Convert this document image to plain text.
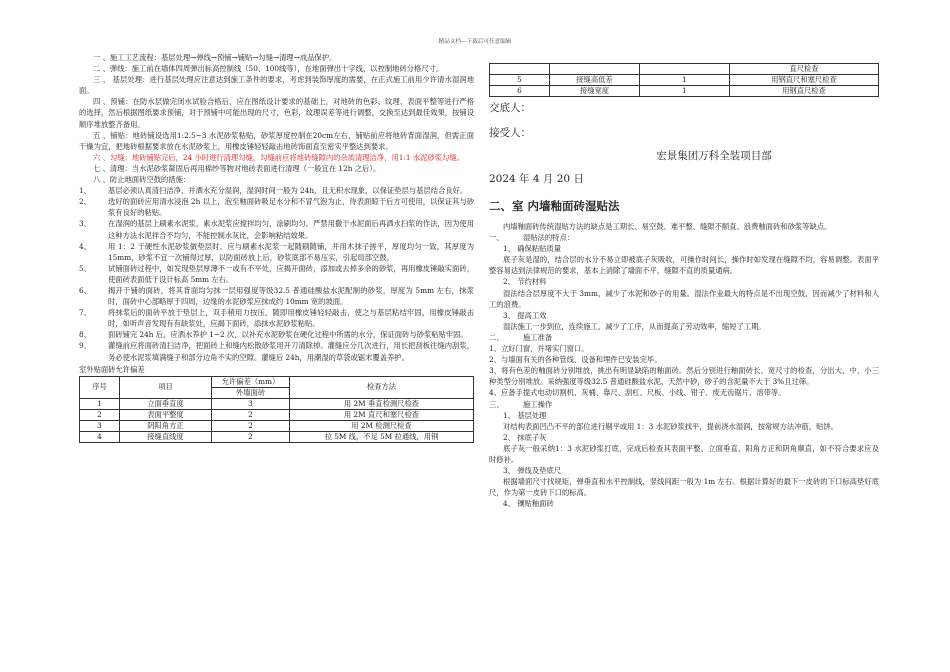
精品文档---下载后可任意编辑

一 、施工工艺流程：基层处理→弹线→预铺→铺贴→勾缝→清理→成品保护。

二 、弹线：施工前在墙体四周弹出标高控制线（50、100线等），在地面弹出十字线，以控制地砖分格尺寸。

三 、 基层处理：进行基层处理应注意达到施工条件的要求，考虑到装饰厚度的需要，在正式施工前用少许清水湿润地面。

四 、预铺：在防水层做完闭水试验合格后，应在图纸设计要求的基础上，对地砖的色彩、纹理、表面平整等进行严格的选择，然后根据图纸要求预铺，对于预铺中可能出现的尺寸，色彩，纹理误差等进行调整，交换至达到最佳效果，按铺设顺序堆放整齐备用。

五 、铺贴：地砖铺设选用1:2.5~3 水泥砂浆粘贴，砂浆厚度控制在20cm左右，铺贴前应将地砖背面湿润，但需正面干燥为宜，把地砖根据要求放在水泥砂浆上，用橡皮锤轻轻敲击地砖饰面直至密实平整达到要求。

六 、勾缝：地砖铺贴完后，24 小时进行清理勾缝，勾缝前应将地砖缝隙内的杂质清理洁净，用1:1 水泥砂浆勾缝。

七 、清理：当水泥砂浆凝固后再用棉纱等物对地砖表面进行清理（一般宜在 12h 之后）。

八 、防止地面砖空鼓的措施：

1、	基层必须认真清扫洁净，并洒水充分湿润，湿润时间一般为 24h，且无积水现象，以保证垫层与基层结合良好。
2、	选好的面砖应用清水浸泡 2h 以上，泡至釉面砖吸足水分和不冒气泡为止，待表面晾干后方可使用，以保证其与砂浆有良好的粘贴。
3、	在湿润的基层上刷素水泥浆，素水泥浆应搅拌均匀，涂刷均匀。严禁用撒干水泥面后再洒水扫浆的作法，因为使用这种方法水泥拌合不均匀，不能控制水灰比，会影响粘结效果。
4、	用 1：2 干硬性水泥砂浆做垫层时，应与刷素水泥浆一起随刷随铺，并用木抹子搓平，厚度均匀一致，其厚度为 15mm，砂浆不宜一次铺得过厚，以防面砖放上后，砂浆底部不易压实，引起局部空鼓。
5、	试铺面砖过程中，如发现垫层厚薄不一或有不平处，应揭开面砖，添加或去掉多余的砂浆，再用橡皮锤敲实面砖，使面砖表面低于设计标高 5mm 左右。
6、	揭开干铺的面砖，将其背面均匀抹一层用强度等级32.5 普通硅酸盐水泥配制的砂浆，厚度为 5mm 左右，抹浆时，面砖中心部略厚于四周，边缘的水泥砂浆应抹成约 10mm 宽的坡面。
7、	将抹浆后的面砖平放于垫层上，双手稍用力按压，随即用橡皮锤轻轻敲击，使之与基层粘结牢固，用橡皮锤敲击时，如听声音发现有有缺浆处，应揭下面砖，添抹水泥砂浆粘贴。
8、	面砖铺完 24h 后，应洒水养护 1~2 次，以补充水泥砂浆在硬化过程中所需的水分，保证面砖与砂浆粘贴牢固。
9、	灌缝前应将面砖清扫洁净，把面砖上和缝内松散砂浆用开刀清除掉。灌缝应分几次进行，用长把刮板往缝内刮浆，务必使水泥浆填满缝子和部分边角不实的空隙。灌缝后 24h，用潮湿的草袋或锯末覆盖养护。

室外贴面砖允许偏差

序号	项目	允许偏差（mm）	检查方法
		外墙面砖	
1	立面垂直度	3	用 2M 垂直检测尺检查
2	表面平整度	2	用 2M 直尺和塞尺检查
3	阴阳角方正	2	用 2M 检测尺检查
4	接缝直线度	2	拉 5M 线，不足 5M 拉通线，用钢
			直尺检查
5	接缝高低差	1	用钢直尺和塞尺检查
6	接缝宽度	1	用钢直尺检查

交底人：

接受人：

宏景集团万科全装项目部

2024 年 4 月 20 日

二、室 内墙釉面砖湿贴法

内墙釉面砖传统湿贴方法的缺点是工期长、易空鼓、难平整、缝隙不顺直、浪费釉面砖和砂浆等缺点。

一、	湿贴法的特点：

1、 确保粘贴质量

底子灰是湿的，结合层的水分不易立即被底子灰吸收，可操作时间长，操作时如发现在缝隙不均，容易调整。表面平整容易达到法律规范的要求，基本上消除了墙面不平，缝隙不直的质量通病。

2、 节约材料

湿法结合层厚度不大于 3mm，减少了水泥和砂子的用量。湿法作业最大的特点是不出现空鼓，因而减少了材料和人工的浪费。

3、 提高工效

湿法施工一步到位，连续施工，减少了工序，从而提高了劳动效率，缩短了工期。

二、	施工准备

1、立好门窗，并堵实门窗口。

2、与墙面有关的各种管线、设备和埋件已安装完毕。

3、将有色差的釉面砖分别堆放，挑出有明显缺陷的釉面砖。然后分别进行釉面砖长、宽尺寸的检查，分出大、中、小三种类型分别堆放。采纳强度等级32.5 普通硅酸盐水泥、天然中砂，砂子的含泥量不大于 3%且过筛。

4、应备手提式电动切割机、灰桶、靠尺、刮杠、尺板、小线、钳子、废无齿锯片、溶带等。

三、	施工操作

1、 基层处理

对结构表面凹凸不平的部位进行剔平或用 1：3 水泥砂浆找平，提前浇水湿润，按常规方法冲筋，贴饼。

2、 抹底子灰

底子灰一般采纳1：3 水泥砂浆打底，完成后检查其表面平整、立面垂直、阳角方正和阴角顺直，如不符合要求应及时修补。

3、 弹线及垫底尺

根据墙面尺寸找规矩，弹垂直和水平控制线，竖线间距一般为 1m 左右。根据计算好的最下一皮砖的下口标高垫好底尺，作为第一皮砖下口的标高。

4、 镶贴釉面砖
